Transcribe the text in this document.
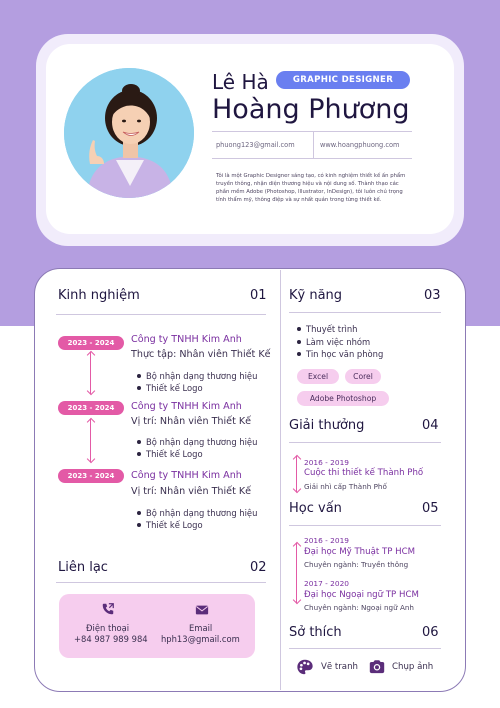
Lê Hà	GRAPHIC DESIGNER
Hoàng Phương
phuong123@gmail.com	www.hoangphuong.com
Tôi là một Graphic Designer sáng tạo, có kinh nghiệm thiết kế ấn phẩm truyền thông, nhận diện thương hiệu và nội dung số. Thành thạo các phần mềm Adobe (Photoshop, Illustrator, InDesign), tôi luôn chú trọng tính thẩm mỹ, thông điệp và sự nhất quán trong từng thiết kế.
Kinh nghiệm	01
2023 - 2024	Công ty TNHH Kim Anh
Thực tập: Nhân viên Thiết Kế
Bộ nhận dạng thương hiệu
Thiết kế Logo
2023 - 2024	Công ty TNHH Kim Anh
Vị trí: Nhân viên Thiết Kế
Bộ nhận dạng thương hiệu
Thiết kế Logo
2023 - 2024	Công ty TNHH Kim Anh
Vị trí: Nhân viên Thiết Kế
Bộ nhận dạng thương hiệu
Thiết kế Logo
Liên lạc	02
Điện thoại
+84 987 989 984
Email
hph13@gmail.com
Kỹ năng	03
Thuyết trình
Làm việc nhóm
Tin học văn phòng
Excel	Corel
Adobe Photoshop
Giải thưởng	04
2016 - 2019
Cuộc thi thiết kế Thành Phố
Giải nhì cấp Thành Phố
Học vấn	05
2016 - 2019
Đại học Mỹ Thuật TP HCM
Chuyên ngành: Truyền thông
2017 - 2020
Đại học Ngoại ngữ TP HCM
Chuyên ngành: Ngoại ngữ Anh
Sở thích	06
Vẽ tranh	Chụp ảnh
